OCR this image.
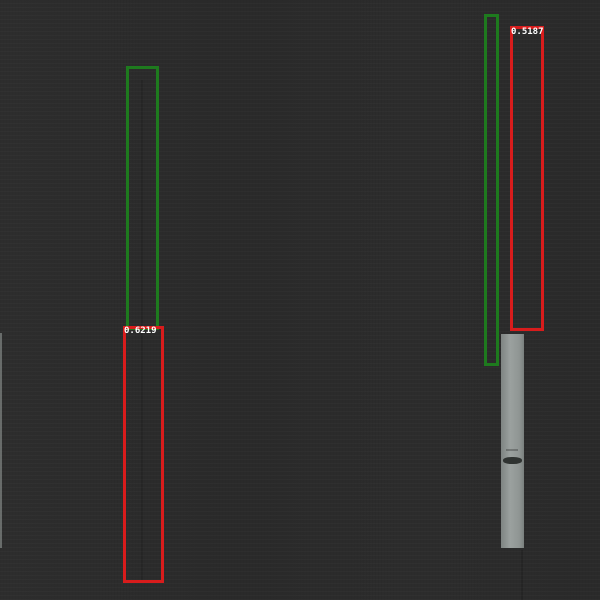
0.6219
0.5187
